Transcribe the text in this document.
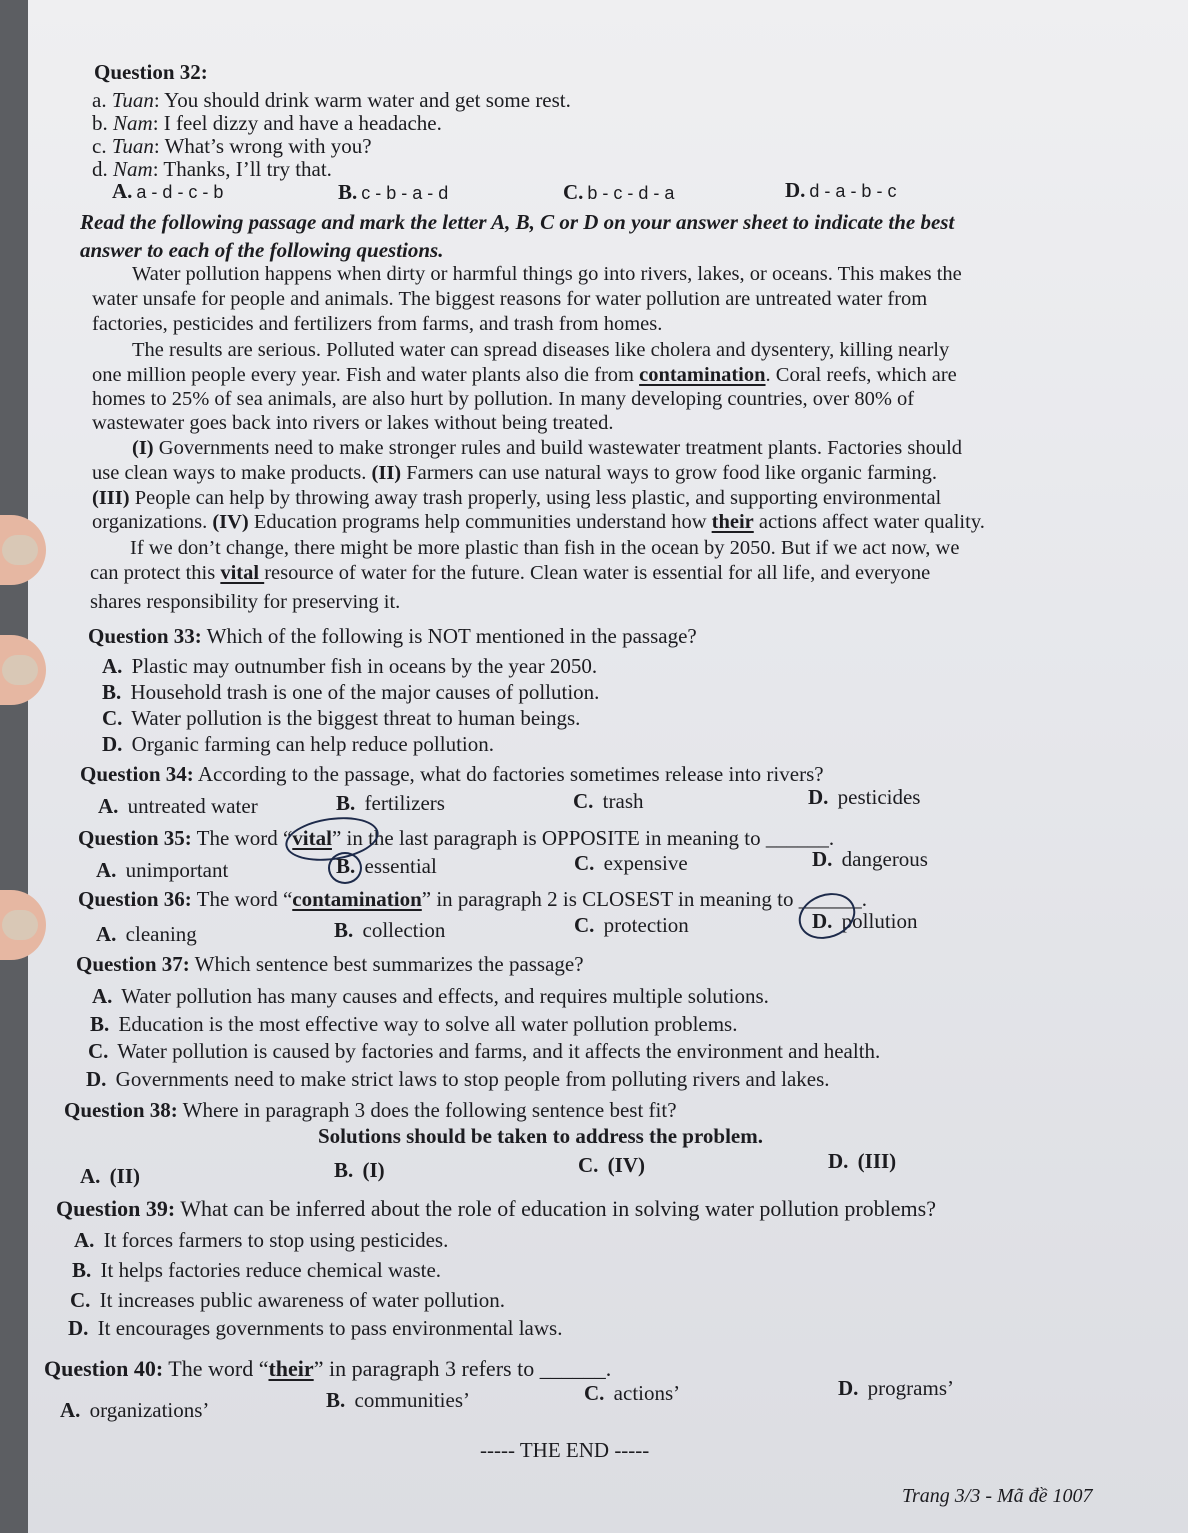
Question 32:
a. Tuan: You should drink warm water and get some rest.
b. Nam: I feel dizzy and have a headache.
c. Tuan: What’s wrong with you?
d. Nam: Thanks, I’ll try that.
A. a - d - c - b	B. c - b - a - d	C. b - c - d - a	D. d - a - b - c
Read the following passage and mark the letter A, B, C or D on your answer sheet to indicate the best
answer to each of the following questions.
Water pollution happens when dirty or harmful things go into rivers, lakes, or oceans. This makes the
water unsafe for people and animals. The biggest reasons for water pollution are untreated water from
factories, pesticides and fertilizers from farms, and trash from homes.
The results are serious. Polluted water can spread diseases like cholera and dysentery, killing nearly
one million people every year. Fish and water plants also die from contamination. Coral reefs, which are
homes to 25% of sea animals, are also hurt by pollution. In many developing countries, over 80% of
wastewater goes back into rivers or lakes without being treated.
(I) Governments need to make stronger rules and build wastewater treatment plants. Factories should
use clean ways to make products. (II) Farmers can use natural ways to grow food like organic farming.
(III) People can help by throwing away trash properly, using less plastic, and supporting environmental
organizations. (IV) Education programs help communities understand how their actions affect water quality.
If we don’t change, there might be more plastic than fish in the ocean by 2050. But if we act now, we
can protect this vital resource of water for the future. Clean water is essential for all life, and everyone
shares responsibility for preserving it.
Question 33: Which of the following is NOT mentioned in the passage?
A. Plastic may outnumber fish in oceans by the year 2050.
B. Household trash is one of the major causes of pollution.
C. Water pollution is the biggest threat to human beings.
D. Organic farming can help reduce pollution.
Question 34: According to the passage, what do factories sometimes release into rivers?
A. untreated water	B. fertilizers	C. trash	D. pesticides
Question 35: The word “vital” in the last paragraph is OPPOSITE in meaning to ______.
A. unimportant	B. essential	C. expensive	D. dangerous
Question 36: The word “contamination” in paragraph 2 is CLOSEST in meaning to ______.
A. cleaning	B. collection	C. protection	D. pollution
Question 37: Which sentence best summarizes the passage?
A. Water pollution has many causes and effects, and requires multiple solutions.
B. Education is the most effective way to solve all water pollution problems.
C. Water pollution is caused by factories and farms, and it affects the environment and health.
D. Governments need to make strict laws to stop people from polluting rivers and lakes.
Question 38: Where in paragraph 3 does the following sentence best fit?
Solutions should be taken to address the problem.
A. (II)	B. (I)	C. (IV)	D. (III)
Question 39: What can be inferred about the role of education in solving water pollution problems?
A. It forces farmers to stop using pesticides.
B. It helps factories reduce chemical waste.
C. It increases public awareness of water pollution.
D. It encourages governments to pass environmental laws.
Question 40: The word “their” in paragraph 3 refers to ______.
A. organizations’	B. communities’	C. actions’	D. programs’
----- THE END -----
Trang 3/3 - Mã đề 1007
